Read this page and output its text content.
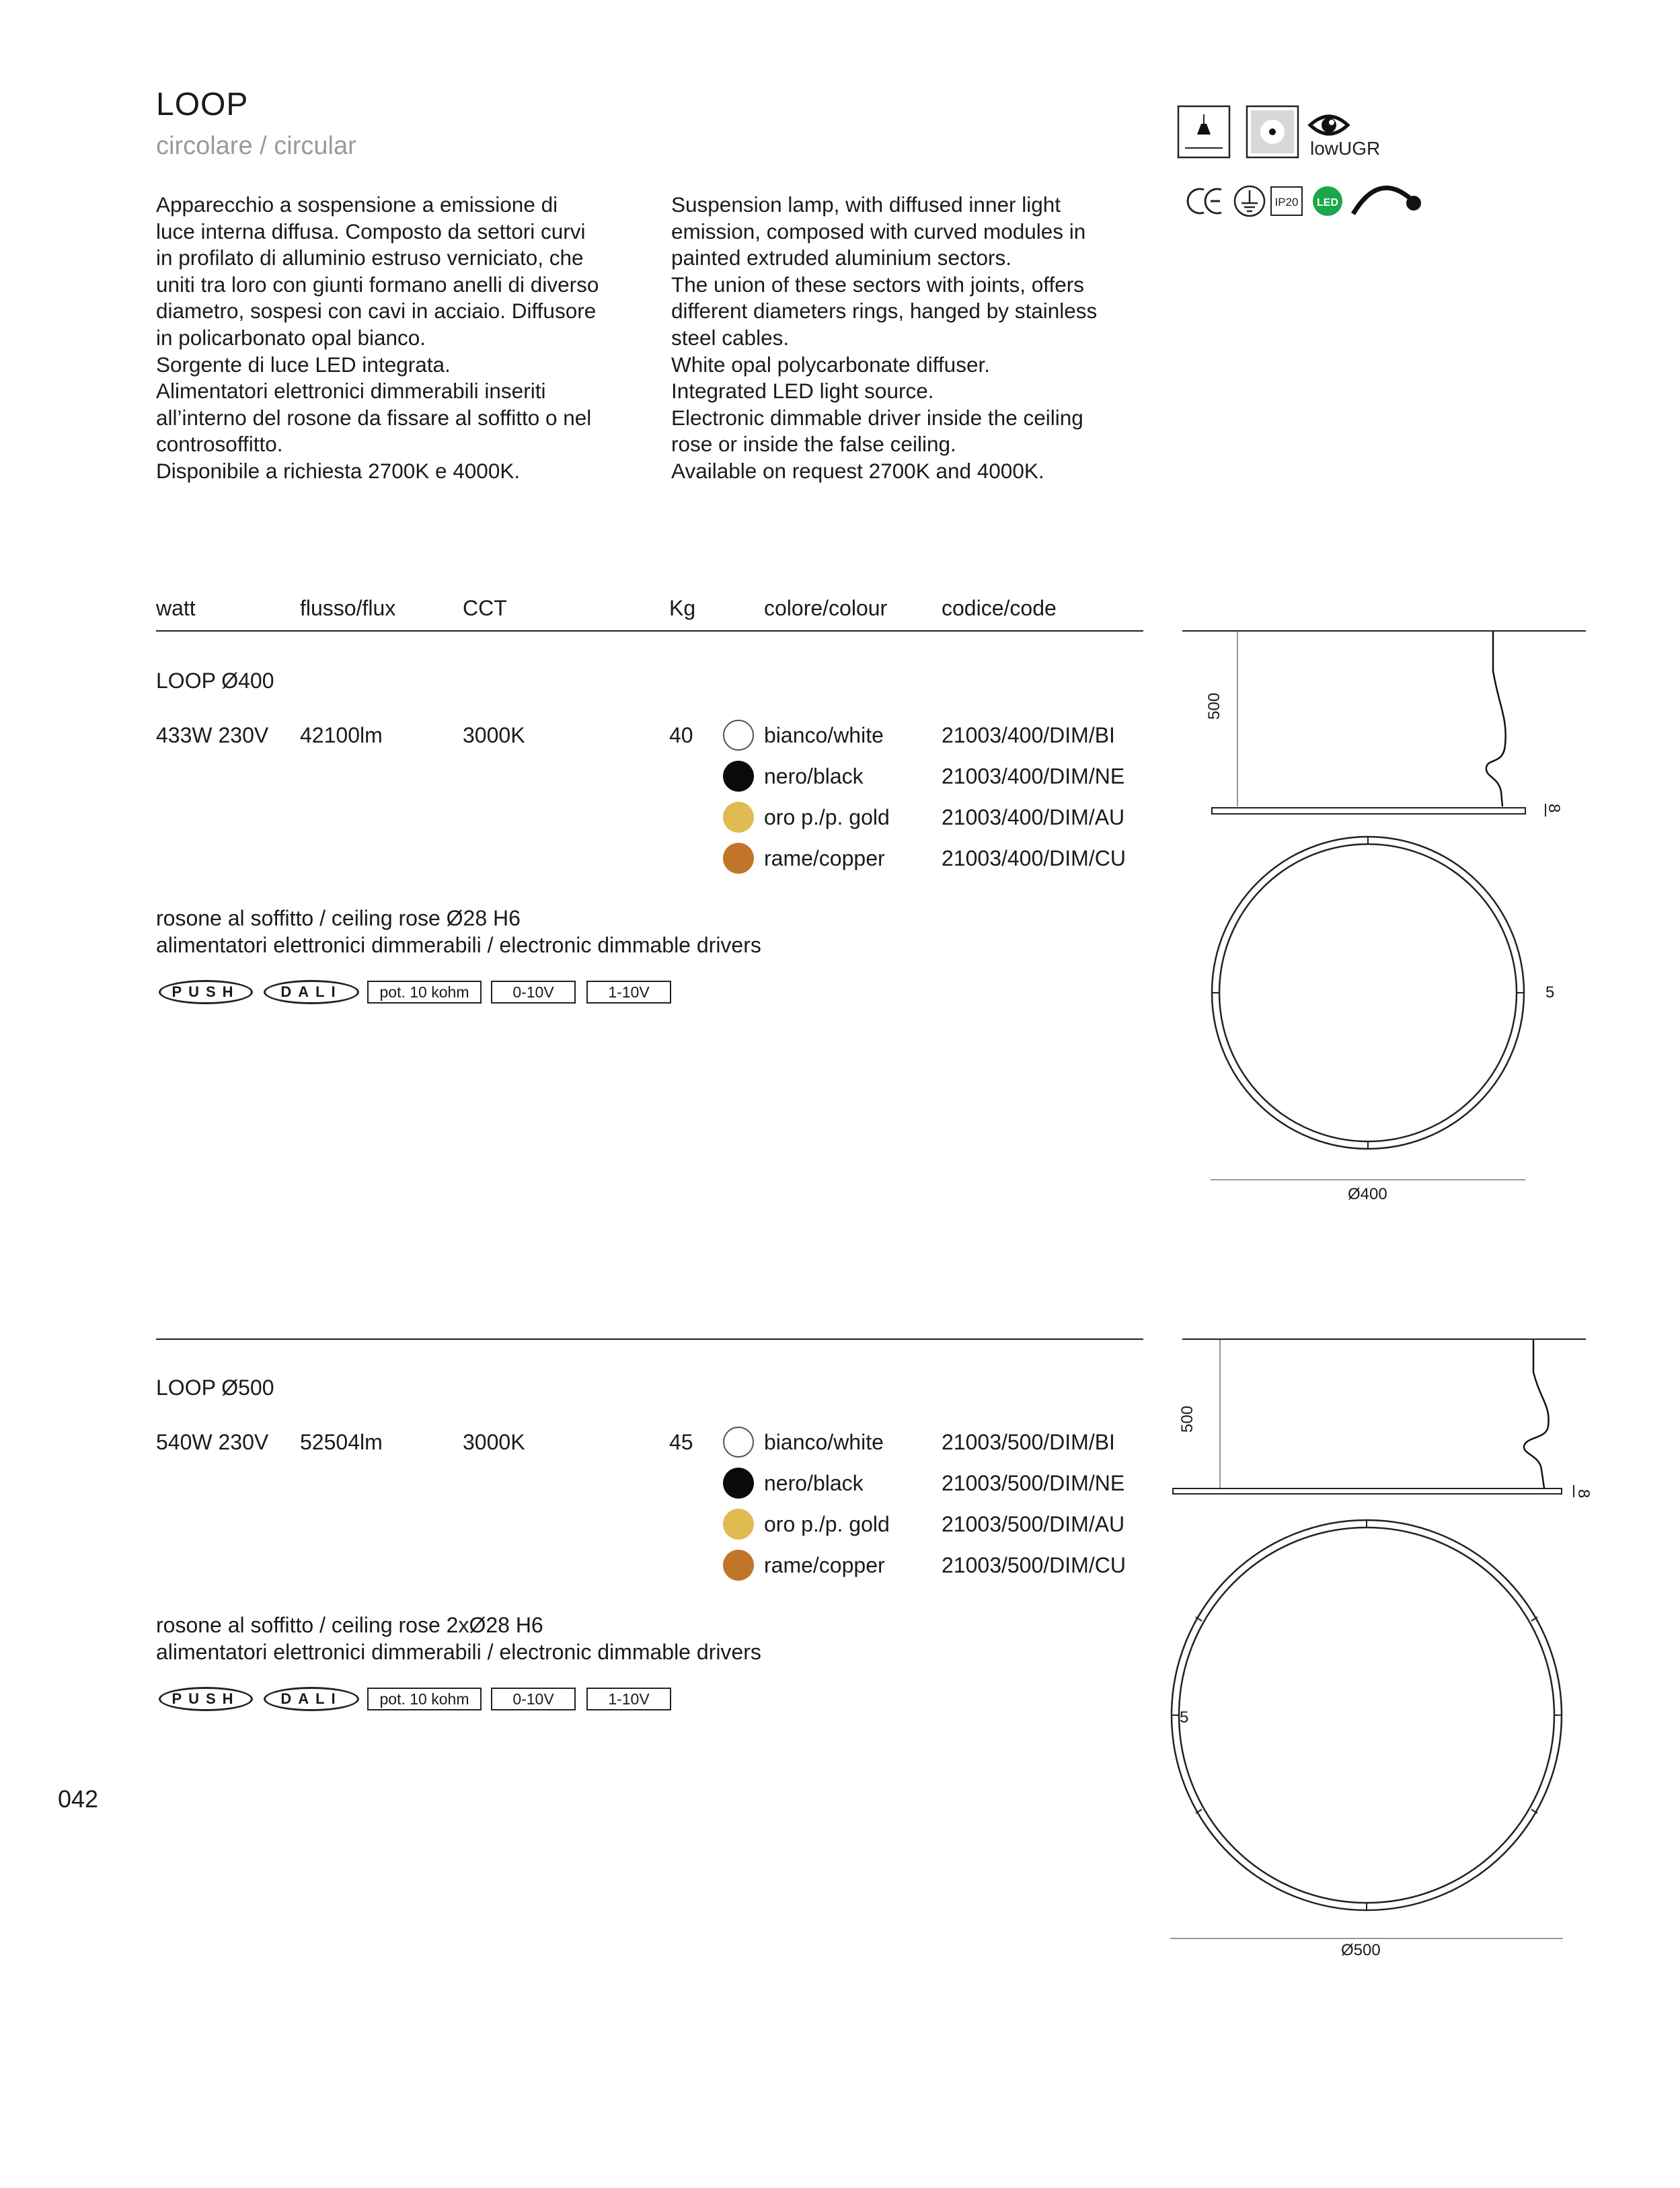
LOOP
circolare / circular	lowUGR
IP20 LED
Apparecchio a sospensione a emissione di
luce interna diffusa. Composto da settori curvi
in profilato di alluminio estruso verniciato, che
uniti tra loro con giunti formano anelli di diverso
diametro, sospesi con cavi in acciaio. Diffusore
in policarbonato opal bianco.
Sorgente di luce LED integrata.
Alimentatori elettronici dimmerabili inseriti
all’interno del rosone da fissare al soffitto o nel
controsoffitto.
Disponibile a richiesta 2700K e 4000K.
Suspension lamp, with diffused inner light
emission, composed with curved modules in
painted extruded aluminium sectors.
The union of these sectors with joints, offers
different diameters rings, hanged by stainless
steel cables.
White opal polycarbonate diffuser.
Integrated LED light source.
Electronic dimmable driver inside the ceiling
rose or inside the false ceiling.
Available on request 2700K and 4000K.
watt	flusso/flux	CCT	Kg	colore/colour	codice/code
LOOP Ø400
433W 230V 42100lm	3000K	40	bianco/white	21003/400/DIM/BI
nero/black	21003/400/DIM/NE
oro p./p. gold 21003/400/DIM/AU
rame/copper	21003/400/DIM/CU
rosone al soffitto / ceiling rose Ø28 H6
alimentatori elettronici dimmerabili / electronic dimmable drivers
PUSH	DALI	pot. 10 kohm	0-10V	1-10V
500
8
5
Ø400
LOOP Ø500
540W 230V 52504lm	3000K	45	bianco/white	21003/500/DIM/BI
nero/black	21003/500/DIM/NE
oro p./p. gold 21003/500/DIM/AU
rame/copper	21003/500/DIM/CU
rosone al soffitto / ceiling rose 2xØ28 H6
alimentatori elettronici dimmerabili / electronic dimmable drivers
PUSH	DALI	pot. 10 kohm	0-10V	1-10V
500
8
5
Ø500
042
